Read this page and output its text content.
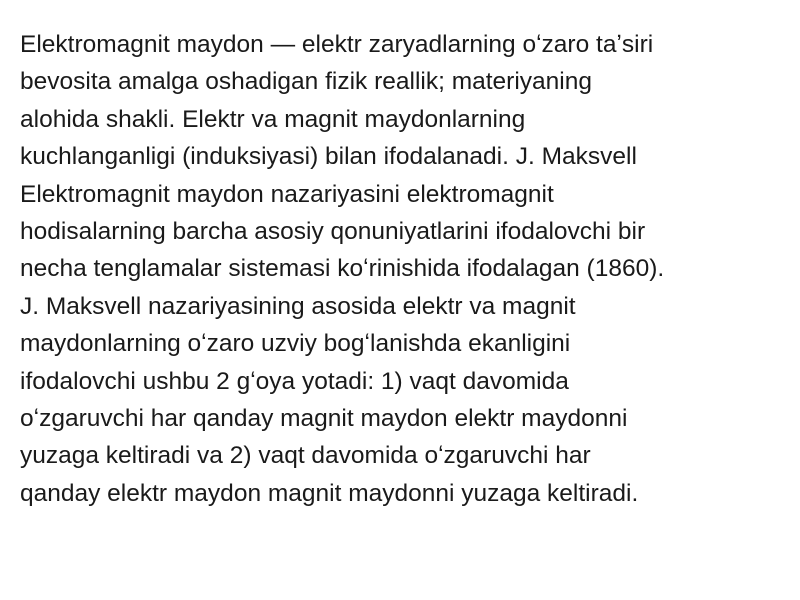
Elektromagnit maydon — elektr zaryadlarning oʻzaro taʼsiri
bevosita amalga oshadigan fizik reallik; materiyaning
alohida shakli. Elektr va magnit maydonlarning
kuchlanganligi (induksiyasi) bilan ifodalanadi. J. Maksvell
Elektromagnit maydon nazariyasini elektromagnit
hodisalarning barcha asosiy qonuniyatlarini ifodalovchi bir
necha tenglamalar sistemasi koʻrinishida ifodalagan (1860).
J. Maksvell nazariyasining asosida elektr va magnit
maydonlarning oʻzaro uzviy bogʻlanishda ekanligini
ifodalovchi ushbu 2 gʻoya yotadi: 1) vaqt davomida
oʻzgaruvchi har qanday magnit maydon elektr maydonni
yuzaga keltiradi va 2) vaqt davomida oʻzgaruvchi har
qanday elektr maydon magnit maydonni yuzaga keltiradi.
